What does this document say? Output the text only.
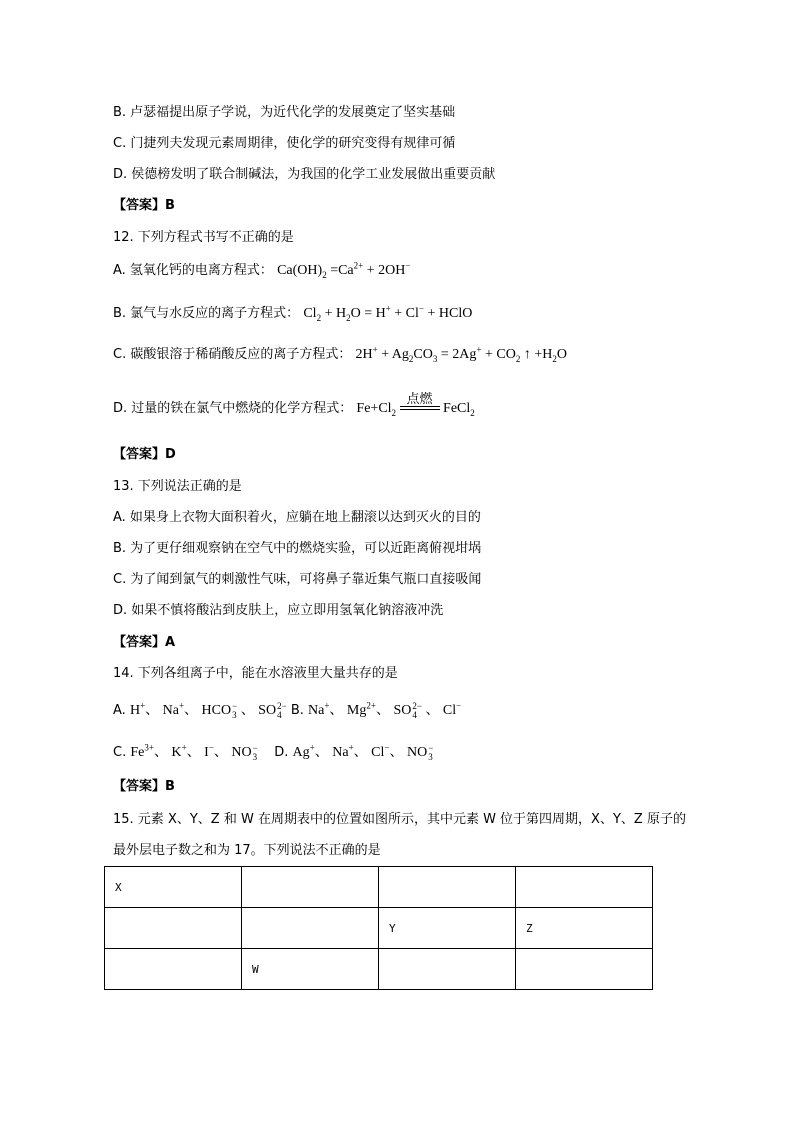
B. 卢瑟福提出原子学说，为近代化学的发展奠定了坚实基础
C. 门捷列夫发现元素周期律，使化学的研究变得有规律可循
D. 侯德榜发明了联合制碱法，为我国的化学工业发展做出重要贡献
【答案】B
12. 下列方程式书写不正确的是
A. 氢氧化钙的电离方程式： $Ca(OH)_2 =Ca^{2+} + 2OH^-$
B. 氯气与水反应的离子方程式： $Cl_2 + H_2O = H^+ + Cl^-$ + HClO
C. 碳酸银溶于稀硝酸反应的离子方程式： $2H^+ + Ag_2CO_3 = 2Ag^+ + CO_2$ ↑ $+H_2O$
D. 过量的铁在氯气中燃烧的化学方程式： $Fe+Cl_2$
点燃
FeCl$_2$
【答案】D
13. 下列说法正确的是
A. 如果身上衣物大面积着火，应躺在地上翻滚以达到灭火的目的
B. 为了更仔细观察钠在空气中的燃烧实验，可以近距离俯视坩埚
C. 为了闻到氯气的刺激性气味，可将鼻子靠近集气瓶口直接吸闻
D. 如果不慎将酸沾到皮肤上，应立即用氢氧化钠溶液冲洗
【答案】A
14. 下列各组离子中，能在水溶液里大量共存的是
A. H+、 Na+、 HCO −
3 、 SO 2−
4 B. Na+、 $Mg^{2+}$、 SO 2−
4 、 Cl−
C. $Fe^{3+}$、 K+、 I−、 NO −
3 D. Ag+、 Na+、 Cl−、 NO −
3
【答案】B
15. 元素 X、Y、Z 和 W 在周期表中的位置如图所示，其中元素 W 位于第四周期，X、Y、Z 原子的
最外层电子数之和为 17。下列说法不正确的是
X			
		Y	Z
	W		
